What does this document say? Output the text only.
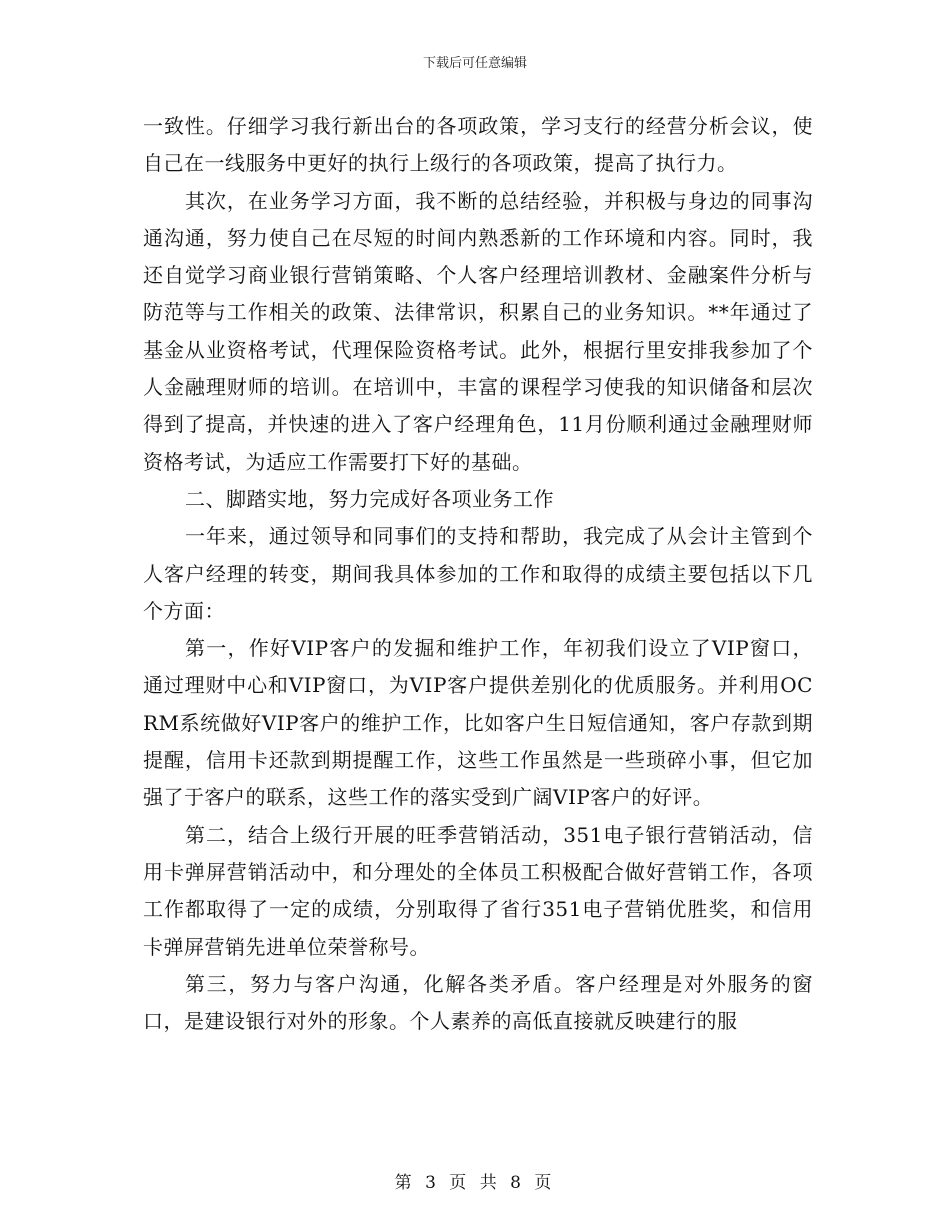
下载后可任意编辑

一致性。仔细学习我行新出台的各项政策，学习支行的经营分析会议，使自己在一线服务中更好的执行上级行的各项政策，提高了执行力。

其次，在业务学习方面，我不断的总结经验，并积极与身边的同事沟通沟通，努力使自己在尽短的时间内熟悉新的工作环境和内容。同时，我还自觉学习商业银行营销策略、个人客户经理培训教材、金融案件分析与防范等与工作相关的政策、法律常识，积累自己的业务知识。**年通过了基金从业资格考试，代理保险资格考试。此外，根据行里安排我参加了个人金融理财师的培训。在培训中，丰富的课程学习使我的知识储备和层次得到了提高，并快速的进入了客户经理角色，11月份顺利通过金融理财师资格考试，为适应工作需要打下好的基础。

二、脚踏实地，努力完成好各项业务工作

一年来，通过领导和同事们的支持和帮助，我完成了从会计主管到个人客户经理的转变，期间我具体参加的工作和取得的成绩主要包括以下几个方面：

第一，作好VIP客户的发掘和维护工作，年初我们设立了VIP窗口，通过理财中心和VIP窗口，为VIP客户提供差别化的优质服务。并利用OCRM系统做好VIP客户的维护工作，比如客户生日短信通知，客户存款到期提醒，信用卡还款到期提醒工作，这些工作虽然是一些琐碎小事，但它加强了于客户的联系，这些工作的落实受到广阔VIP客户的好评。

第二，结合上级行开展的旺季营销活动，351电子银行营销活动，信用卡弹屏营销活动中，和分理处的全体员工积极配合做好营销工作，各项工作都取得了一定的成绩，分别取得了省行351电子营销优胜奖，和信用卡弹屏营销先进单位荣誉称号。

第三，努力与客户沟通，化解各类矛盾。客户经理是对外服务的窗口，是建设银行对外的形象。个人素养的高低直接就反映建行的服

第 3 页 共 8 页
